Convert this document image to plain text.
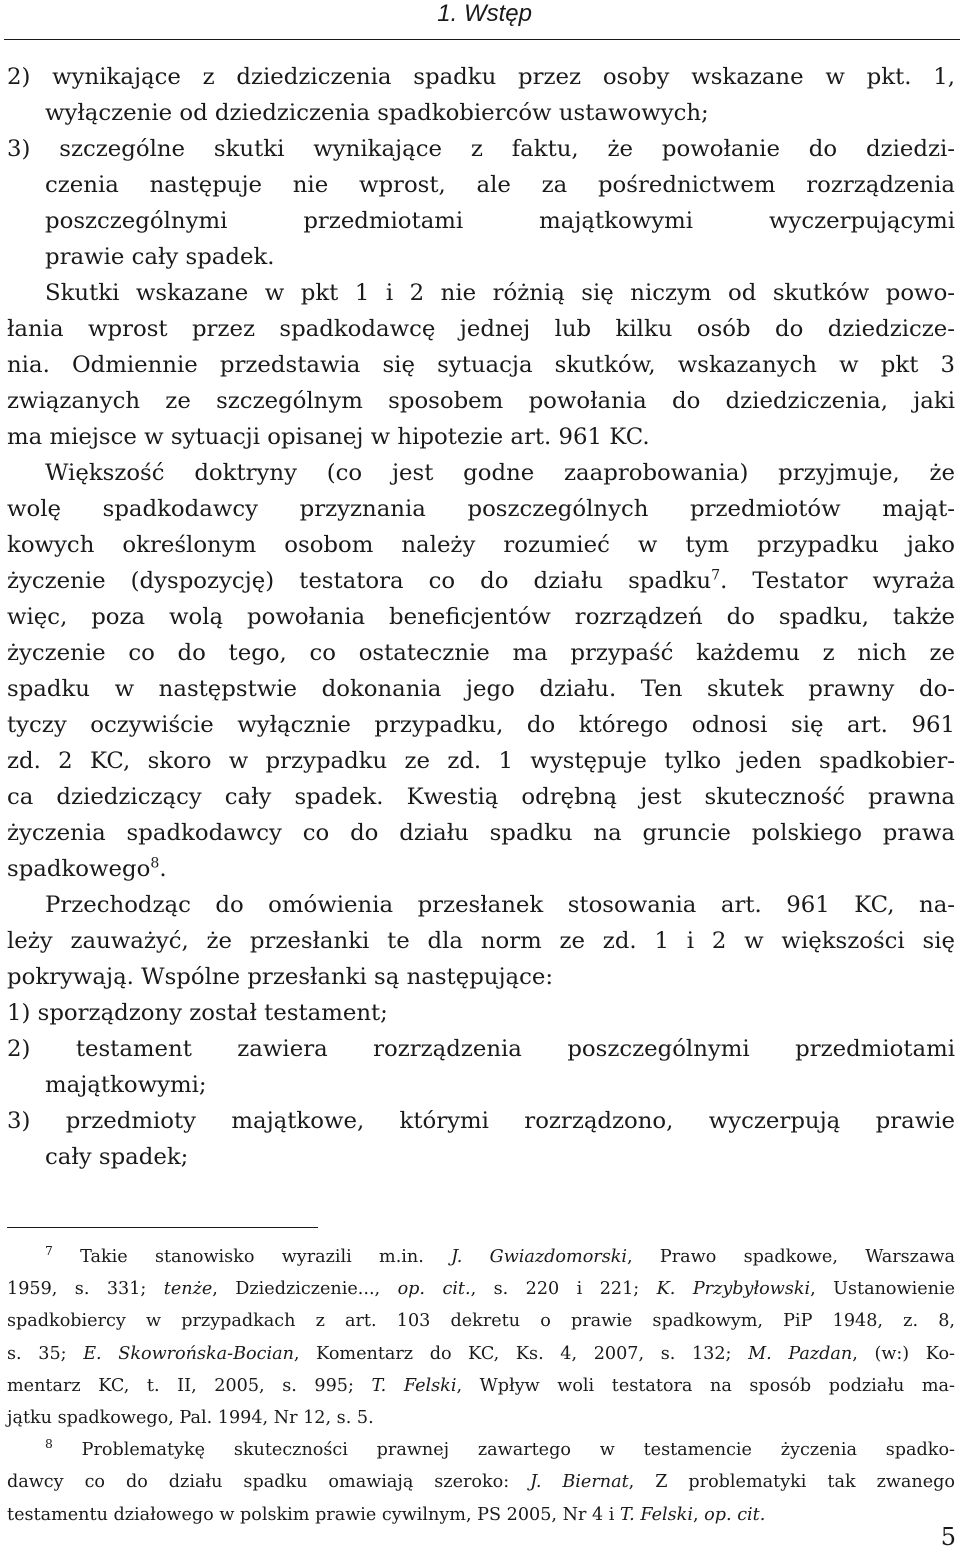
1. Wstęp
2) wynikające z dziedziczenia spadku przez osoby wskazane w pkt. 1,
wyłączenie od dziedziczenia spadkobierców ustawowych;
3) szczególne skutki wynikające z faktu, że powołanie do dziedzi-
czenia następuje nie wprost, ale za pośrednictwem rozrządzenia
poszczególnymi przedmiotami majątkowymi wyczerpującymi
prawie cały spadek.
Skutki wskazane w pkt 1 i 2 nie różnią się niczym od skutków powo-
łania wprost przez spadkodawcę jednej lub kilku osób do dziedzicze-
nia. Odmiennie przedstawia się sytuacja skutków, wskazanych w pkt 3
związanych ze szczególnym sposobem powołania do dziedziczenia, jaki
ma miejsce w sytuacji opisanej w hipotezie art. 961 KC.
Większość doktryny (co jest godne zaaprobowania) przyjmuje, że
wolę spadkodawcy przyznania poszczególnych przedmiotów mająt-
kowych określonym osobom należy rozumieć w tym przypadku jako
życzenie (dyspozycję) testatora co do działu spadku$^7$. Testator wyraża
więc, poza wolą powołania beneficjentów rozrządzeń do spadku, także
życzenie co do tego, co ostatecznie ma przypaść każdemu z nich ze
spadku w następstwie dokonania jego działu. Ten skutek prawny do-
tyczy oczywiście wyłącznie przypadku, do którego odnosi się art. 961
zd. 2 KC, skoro w przypadku ze zd. 1 występuje tylko jeden spadkobier-
ca dziedziczący cały spadek. Kwestią odrębną jest skuteczność prawna
życzenia spadkodawcy co do działu spadku na gruncie polskiego prawa
spadkowego$^8$.
Przechodząc do omówienia przesłanek stosowania art. 961 KC, na-
leży zauważyć, że przesłanki te dla norm ze zd. 1 i 2 w większości się
pokrywają. Wspólne przesłanki są następujące:
1) sporządzony został testament;
2) testament zawiera rozrządzenia poszczególnymi przedmiotami
majątkowymi;
3) przedmioty majątkowe, którymi rozrządzono, wyczerpują prawie
cały spadek;
$^7$ Takie stanowisko wyrazili m.in. J. Gwiazdomorski, Prawo spadkowe, Warszawa
1959, s. 331; tenże, Dziedziczenie..., op. cit., s. 220 i 221; K. Przybyłowski, Ustanowienie
spadkobiercy w przypadkach z art. 103 dekretu o prawie spadkowym, PiP 1948, z. 8,
s. 35; E. Skowrońska-Bocian, Komentarz do KC, Ks. 4, 2007, s. 132; M. Pazdan, (w:) Ko-
mentarz KC, t. II, 2005, s. 995; T. Felski, Wpływ woli testatora na sposób podziału ma-
jątku spadkowego, Pal. 1994, Nr 12, s. 5.
$^8$ Problematykę skuteczności prawnej zawartego w testamencie życzenia spadko-
dawcy co do działu spadku omawiają szeroko: J. Biernat, Z problematyki tak zwanego
testamentu działowego w polskim prawie cywilnym, PS 2005, Nr 4 i T. Felski, op. cit.
5
